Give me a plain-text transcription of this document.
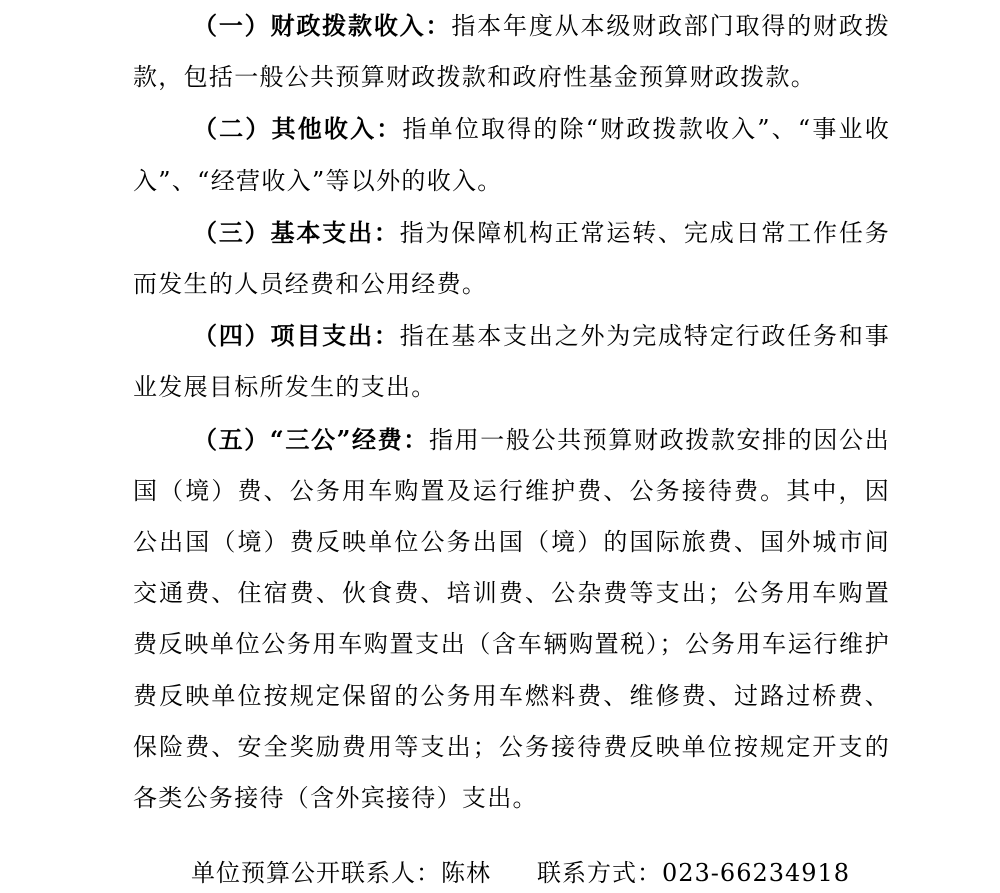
（一）财政拨款收入：指本年度从本级财政部门取得的财政拨款，包括一般公共预算财政拨款和政府性基金预算财政拨款。

（二）其他收入：指单位取得的除“财政拨款收入”、“事业收入”、“经营收入”等以外的收入。

（三）基本支出：指为保障机构正常运转、完成日常工作任务而发生的人员经费和公用经费。

（四）项目支出：指在基本支出之外为完成特定行政任务和事业发展目标所发生的支出。

（五）“三公”经费：指用一般公共预算财政拨款安排的因公出国（境）费、公务用车购置及运行维护费、公务接待费。其中，因公出国（境）费反映单位公务出国（境）的国际旅费、国外城市间交通费、住宿费、伙食费、培训费、公杂费等支出；公务用车购置费反映单位公务用车购置支出（含车辆购置税）；公务用车运行维护费反映单位按规定保留的公务用车燃料费、维修费、过路过桥费、保险费、安全奖励费用等支出；公务接待费反映单位按规定开支的各类公务接待（含外宾接待）支出。

单位预算公开联系人：陈林 联系方式：023-66234918
